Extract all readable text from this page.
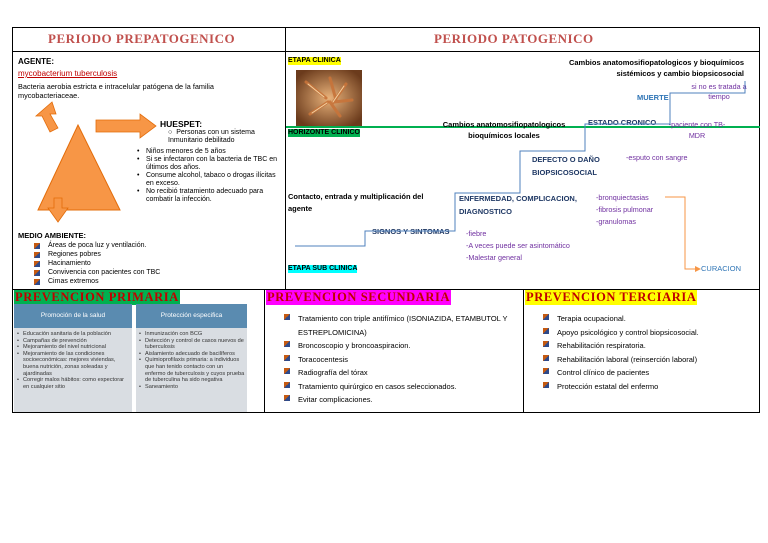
PERIODO PREPATOGENICO	PERIODO PATOGENICO
AGENTE:
mycobacterium tuberculosis
Bacteria aerobia estricta e intracelular patógena de la familia mycobacteriaceae.
HUESPET:
○ Personas con un sistema Inmunitario debilitado
• Niños menores de 5 años
• Si se infectaron con la bacteria de TBC en últimos dos años.
• Consume alcohol, tabaco o drogas ilícitas en exceso.
• No recibió tratamiento adecuado para combatir la infección.
MEDIO AMBIENTE:
Áreas de poca luz y ventilación.
Regiones pobres
Hacinamiento
Convivencia con pacientes con TBC
Cimas extremos
ETAPA CLINICA	Cambios anatomosifiopatologicos y bioquímicos sistémicos y cambio biopsicosocial
si no es tratada a tiempo
MUERTE
HORIZONTE CLINICO
Cambios anatomosifiopatologicos bioquímicos locales
ESTADO CRONICO -paciente con TB-MDR
DEFECTO O DAÑO BIOPSICOSOCIAL
-esputo con sangre
ENFERMEDAD, COMPLICACION, DIAGNOSTICO
-bronquiectasias
-fibrosis pulmonar
-granulomas
Contacto, entrada y multiplicación del agente
SIGNOS Y SINTOMAS -fiebre
-A veces puede ser asintomático
-Malestar general
CURACION
ETAPA SUB CLINICA
PREVENCION PRIMARIA	PREVENCION SECUNDARIA	PREVENCION TERCIARIA
Promoción de la salud	Protección especifica
• Educación sanitaria de la población
• Campañas de prevención
• Mejoramiento del nivel nutricional
• Mejoramiento de las condiciones socioeconómicas: mejores viviendas, buena nutrición, zonas soleadas y ajardinadas
• Corregir malos hábitos: como expectorar en cualquier sitio
• Inmunización con BCG
• Detección y control de casos nuevos de tuberculosis
• Aislamiento adecuado de bacilíferos
• Quimioprofilaxis primaria: a individuos que han tenido contacto con un enfermo de tuberculosis y cuyos prueba de tuberculina ha sido negativa
• Saneamiento
Tratamiento con triple antifímico (ISONIAZIDA, ETAMBUTOL Y ESTREPLOMICINA)
Broncoscopio y broncoaspiracion.
Toracocentesis
Radiografía del tórax
Tratamiento quirúrgico en casos seleccionados.
Evitar complicaciones.
Terapia ocupacional.
Apoyo psicológico y control biopsicosocial.
Rehabilitación respiratoria.
Rehabilitación laboral (reinserción laboral)
Control clínico de pacientes
Protección estatal del enfermo
